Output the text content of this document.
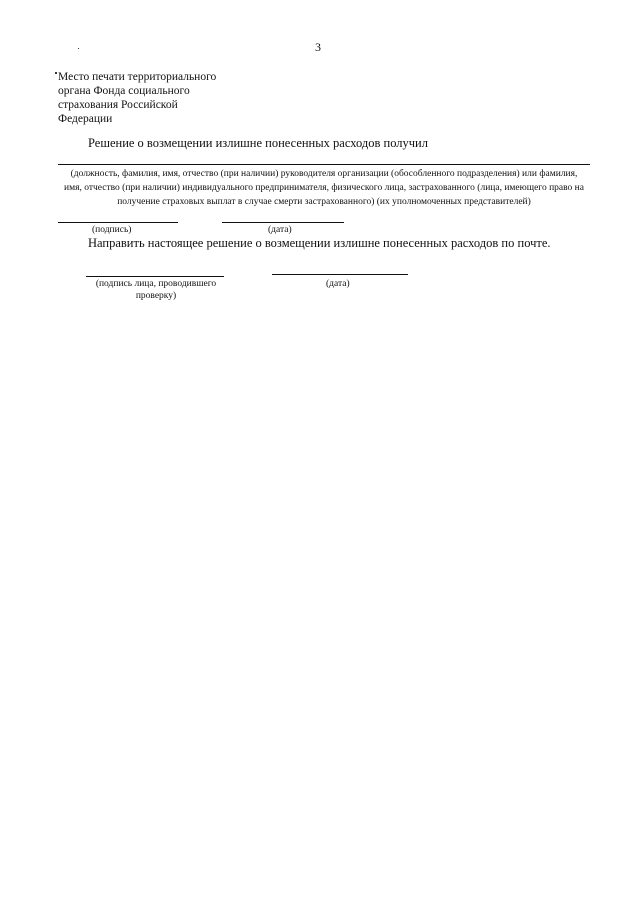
3
Место печати территориального
органа Фонда социального
страхования Российской
Федерации
Решение о возмещении излишне понесенных расходов получил
(должность, фамилия, имя, отчество (при наличии) руководителя организации (обособленного подразделения) или фамилия,
имя, отчество (при наличии) индивидуального предпринимателя, физического лица, застрахованного (лица, имеющего право на
получение страховых выплат в случае смерти застрахованного) (их уполномоченных представителей)
(подпись)	(дата)
Направить настоящее решение о возмещении излишне понесенных расходов по почте.
(подпись лица, проводившего
проверку)
(дата)
